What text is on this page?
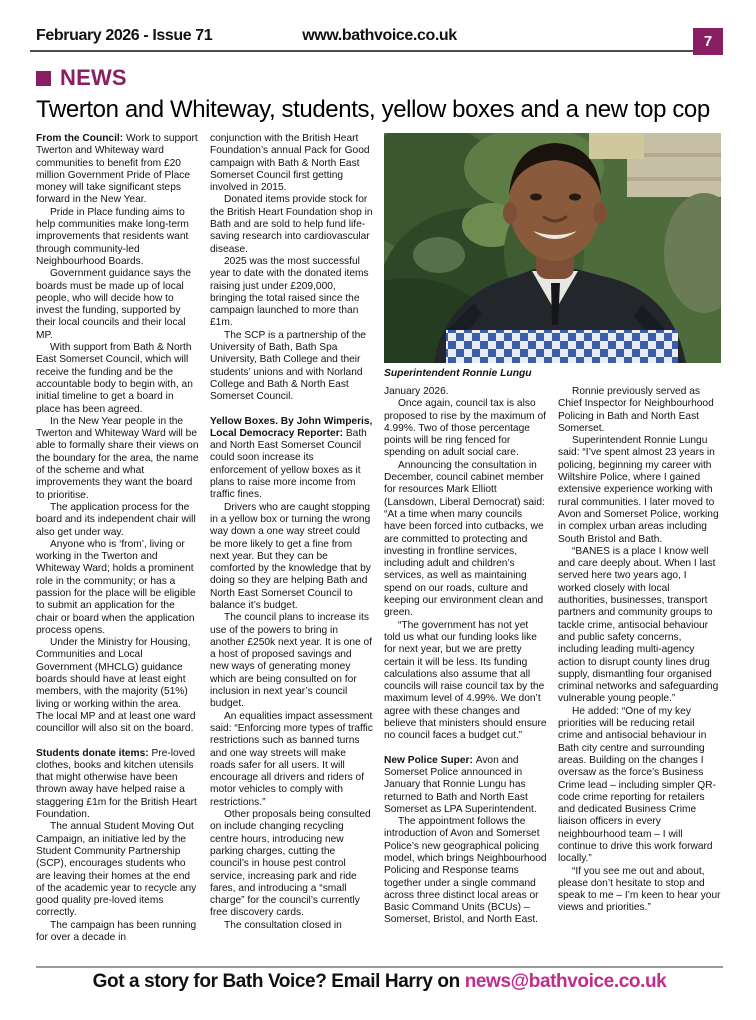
February 2026 - Issue 71	www.bathvoice.co.uk	7
NEWS
Twerton and Whiteway, students, yellow boxes and a new top cop

From the Council: Work to support Twerton and Whiteway ward communities to benefit from £20 million Government Pride of Place money will take significant steps forward in the New Year.

Pride in Place funding aims to help communities make long-term improvements that residents want through community-led Neighbourhood Boards.

Government guidance says the boards must be made up of local people, who will decide how to invest the funding, supported by their local councils and their local MP.

With support from Bath & North East Somerset Council, which will receive the funding and be the accountable body to begin with, an initial timeline to get a board in place has been agreed.

In the New Year people in the Twerton and Whiteway Ward will be able to formally share their views on the boundary for the area, the name of the scheme and what improvements they want the board to prioritise.

The application process for the board and its independent chair will also get under way.

Anyone who is ‘from’, living or working in the Twerton and Whiteway Ward; holds a prominent role in the community; or has a passion for the place will be eligible to submit an application for the chair or board when the application process opens.

Under the Ministry for Housing, Communities and Local Government (MHCLG) guidance boards should have at least eight members, with the majority (51%) living or working within the area. The local MP and at least one ward councillor will also sit on the board.

Students donate items: Pre-loved clothes, books and kitchen utensils that might otherwise have been thrown away have helped raise a staggering £1m for the British Heart Foundation.

The annual Student Moving Out Campaign, an initiative led by the Student Community Partnership (SCP), encourages students who are leaving their homes at the end of the academic year to recycle any good quality pre-loved items correctly.

The campaign has been running for over a decade in

conjunction with the British Heart Foundation’s annual Pack for Good campaign with Bath & North East Somerset Council first getting involved in 2015.

Donated items provide stock for the British Heart Foundation shop in Bath and are sold to help fund life-saving research into cardiovascular disease.

2025 was the most successful year to date with the donated items raising just under £209,000, bringing the total raised since the campaign launched to more than £1m.

The SCP is a partnership of the University of Bath, Bath Spa University, Bath College and their students’ unions and with Norland College and Bath & North East Somerset Council.

Yellow Boxes. By John Wimperis, Local Democracy Reporter: Bath and North East Somerset Council could soon increase its enforcement of yellow boxes as it plans to raise more income from traffic fines.

Drivers who are caught stopping in a yellow box or turning the wrong way down a one way street could be more likely to get a fine from next year. But they can be comforted by the knowledge that by doing so they are helping Bath and North East Somerset Council to balance it’s budget.

The council plans to increase its use of the powers to bring in another £250k next year. It is one of a host of proposed savings and new ways of generating money which are being consulted on for inclusion in next year’s council budget.

An equalities impact assessment said: “Enforcing more types of traffic restrictions such as banned turns and one way streets will make roads safer for all users. It will encourage all drivers and riders of motor vehicles to comply with restrictions.”

Other proposals being consulted on include changing recycling centre hours, introducing new parking charges, cutting the council’s in house pest control service, increasing park and ride fares, and introducing a “small charge” for the council’s currently free discovery cards.

The consultation closed in

Superintendent Ronnie Lungu

January 2026.

Once again, council tax is also proposed to rise by the maximum of 4.99%. Two of those percentage points will be ring fenced for spending on adult social care.

Announcing the consultation in December, council cabinet member for resources Mark Elliott (Lansdown, Liberal Democrat) said: “At a time when many councils have been forced into cutbacks, we are committed to protecting and investing in frontline services, including adult and children’s services, as well as maintaining spend on our roads, culture and keeping our environment clean and green.

“The government has not yet told us what our funding looks like for next year, but we are pretty certain it will be less. Its funding calculations also assume that all councils will raise council tax by the maximum level of 4.99%. We don’t agree with these changes and believe that ministers should ensure no council faces a budget cut.”

New Police Super: Avon and Somerset Police announced in January that Ronnie Lungu has returned to Bath and North East Somerset as LPA Superintendent.

The appointment follows the introduction of Avon and Somerset Police’s new geographical policing model, which brings Neighbourhood Policing and Response teams together under a single command across three distinct local areas or Basic Command Units (BCUs) – Somerset, Bristol, and North East.

Ronnie previously served as Chief Inspector for Neighbourhood Policing in Bath and North East Somerset.

Superintendent Ronnie Lungu said: “I’ve spent almost 23 years in policing, beginning my career with Wiltshire Police, where I gained extensive experience working with rural communities. I later moved to Avon and Somerset Police, working in complex urban areas including South Bristol and Bath.

“BANES is a place I know well and care deeply about. When I last served here two years ago, I worked closely with local authorities, businesses, transport partners and community groups to tackle crime, antisocial behaviour and public safety concerns, including leading multi-agency action to disrupt county lines drug supply, dismantling four organised criminal networks and safeguarding vulnerable young people.”

He added: “One of my key priorities will be reducing retail crime and antisocial behaviour in Bath city centre and surrounding areas. Building on the changes I oversaw as the force’s Business Crime lead – including simpler QR-code crime reporting for retailers and dedicated Business Crime liaison officers in every neighbourhood team – I will continue to drive this work forward locally.”

“If you see me out and about, please don’t hesitate to stop and speak to me – I’m keen to hear your views and priorities.”

Got a story for Bath Voice? Email Harry on news@bathvoice.co.uk
